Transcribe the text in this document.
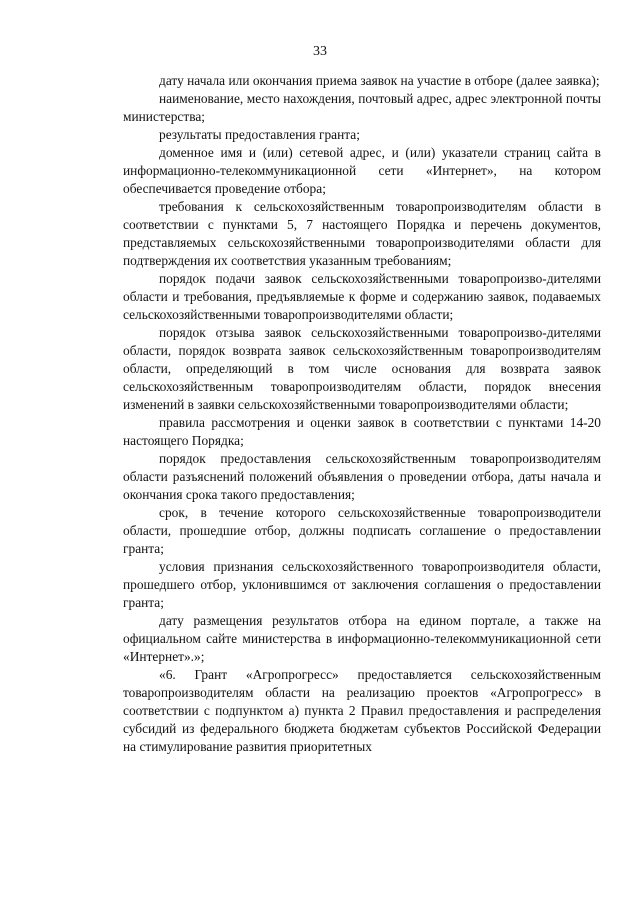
33

дату начала или окончания приема заявок на участие в отборе (далее заявка);

наименование, место нахождения, почтовый адрес, адрес электронной почты министерства;

результаты предоставления гранта;

доменное имя и (или) сетевой адрес, и (или) указатели страниц сайта в информационно-телекоммуникационной сети «Интернет», на котором обеспечивается проведение отбора;

требования к сельскохозяйственным товаропроизводителям области в соответствии с пунктами 5, 7 настоящего Порядка и перечень документов, представляемых сельскохозяйственными товаропроизводителями области для подтверждения их соответствия указанным требованиям;

порядок подачи заявок сельскохозяйственными товаропроизво-дителями области и требования, предъявляемые к форме и содержанию заявок, подаваемых сельскохозяйственными товаропроизводителями области;

порядок отзыва заявок сельскохозяйственными товаропроизво-дителями области, порядок возврата заявок сельскохозяйственным товаропроизводителям области, определяющий в том числе основания для возврата заявок сельскохозяйственным товаропроизводителям области, порядок внесения изменений в заявки сельскохозяйственными товаропроизводителями области;

правила рассмотрения и оценки заявок в соответствии с пунктами 14-20 настоящего Порядка;

порядок предоставления сельскохозяйственным товаропроизводителям области разъяснений положений объявления о проведении отбора, даты начала и окончания срока такого предоставления;

срок, в течение которого сельскохозяйственные товаропроизводители области, прошедшие отбор, должны подписать соглашение о предоставлении гранта;

условия признания сельскохозяйственного товаропроизводителя области, прошедшего отбор, уклонившимся от заключения соглашения о предоставлении гранта;

дату размещения результатов отбора на едином портале, а также на официальном сайте министерства в информационно-телекоммуникационной сети «Интернет».»;

«6. Грант «Агропрогресс» предоставляется сельскохозяйственным товаропроизводителям области на реализацию проектов «Агропрогресс» в соответствии с подпунктом а) пункта 2 Правил предоставления и распределения субсидий из федерального бюджета бюджетам субъектов Российской Федерации на стимулирование развития приоритетных
